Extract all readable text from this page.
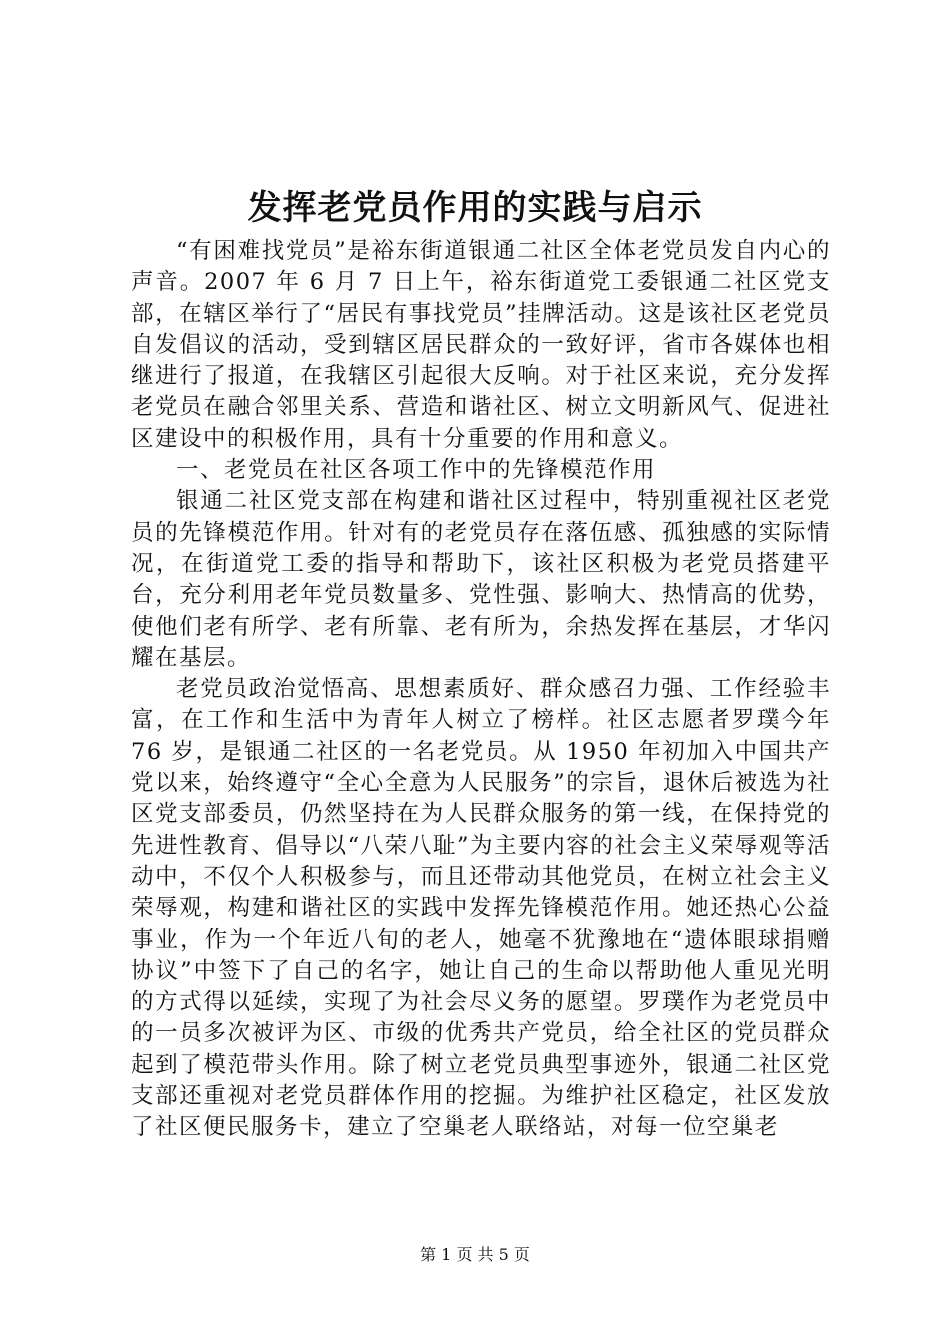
发挥老党员作用的实践与启示

“有困难找党员”是裕东街道银通二社区全体老党员发自内心的声音。2007 年 6 月 7 日上午，裕东街道党工委银通二社区党支部，在辖区举行了“居民有事找党员”挂牌活动。这是该社区老党员自发倡议的活动，受到辖区居民群众的一致好评，省市各媒体也相继进行了报道，在我辖区引起很大反响。对于社区来说，充分发挥老党员在融合邻里关系、营造和谐社区、树立文明新风气、促进社区建设中的积极作用，具有十分重要的作用和意义。

一、老党员在社区各项工作中的先锋模范作用

银通二社区党支部在构建和谐社区过程中，特别重视社区老党员的先锋模范作用。针对有的老党员存在落伍感、孤独感的实际情况，在街道党工委的指导和帮助下，该社区积极为老党员搭建平台，充分利用老年党员数量多、党性强、影响大、热情高的优势，使他们老有所学、老有所靠、老有所为，余热发挥在基层，才华闪耀在基层。

老党员政治觉悟高、思想素质好、群众感召力强、工作经验丰富，在工作和生活中为青年人树立了榜样。社区志愿者罗璞今年 76 岁，是银通二社区的一名老党员。从 1950 年初加入中国共产党以来，始终遵守“全心全意为人民服务”的宗旨，退休后被选为社区党支部委员，仍然坚持在为人民群众服务的第一线，在保持党的先进性教育、倡导以“八荣八耻”为主要内容的社会主义荣辱观等活动中，不仅个人积极参与，而且还带动其他党员，在树立社会主义荣辱观，构建和谐社区的实践中发挥先锋模范作用。她还热心公益事业，作为一个年近八旬的老人，她毫不犹豫地在“遗体眼球捐赠协议”中签下了自己的名字，她让自己的生命以帮助他人重见光明的方式得以延续，实现了为社会尽义务的愿望。罗璞作为老党员中的一员多次被评为区、市级的优秀共产党员，给全社区的党员群众起到了模范带头作用。除了树立老党员典型事迹外，银通二社区党支部还重视对老党员群体作用的挖掘。为维护社区稳定，社区发放了社区便民服务卡，建立了空巢老人联络站，对每一位空巢老

第 1 页 共 5 页
